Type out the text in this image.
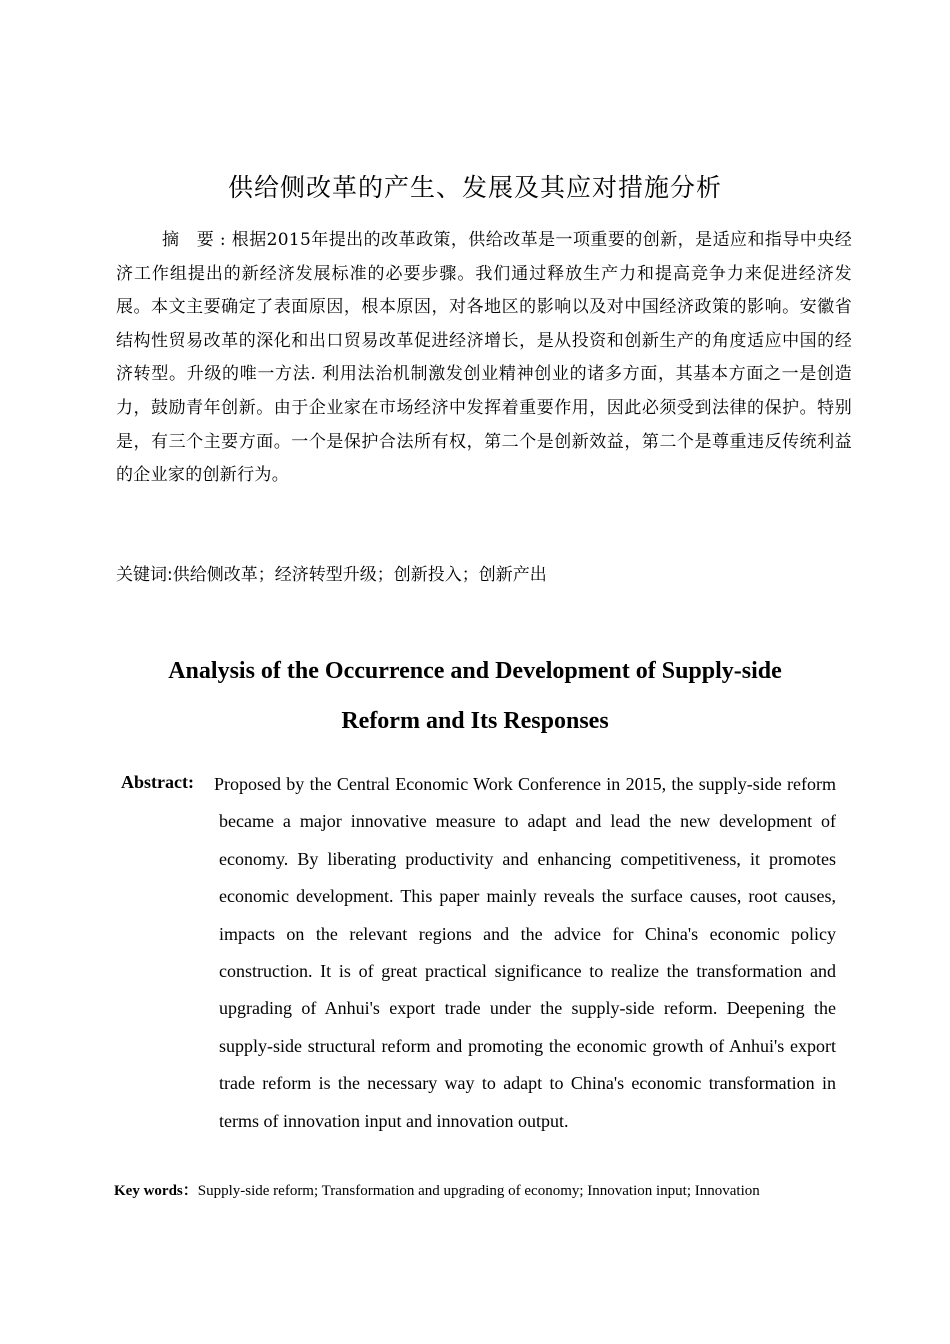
供给侧改革的产生、发展及其应对措施分析
摘 要: 根据2015年提出的改革政策，供给改革是一项重要的创新，是适应和指导中央经济工作组提出的新经济发展标准的必要步骤。我们通过释放生产力和提高竞争力来促进经济发展。本文主要确定了表面原因，根本原因，对各地区的影响以及对中国经济政策的影响。安徽省结构性贸易改革的深化和出口贸易改革促进经济增长，是从投资和创新生产的角度适应中国的经济转型。升级的唯一方法. 利用法治机制激发创业精神创业的诸多方面，其基本方面之一是创造力，鼓励青年创新。由于企业家在市场经济中发挥着重要作用，因此必须受到法律的保护。特别是，有三个主要方面。一个是保护合法所有权，第二个是创新效益，第二个是尊重违反传统利益的企业家的创新行为。
关键词:供给侧改革；经济转型升级；创新投入；创新产出
Analysis of the Occurrence and Development of Supply-side
Reform and Its Responses
Abstract: Proposed by the Central Economic Work Conference in 2015, the supply-side reform became a major innovative measure to adapt and lead the new development of economy. By liberating productivity and enhancing competitiveness, it promotes economic development. This paper mainly reveals the surface causes, root causes, impacts on the relevant regions and the advice for China's economic policy construction. It is of great practical significance to realize the transformation and upgrading of Anhui's export trade under the supply-side reform. Deepening the supply-side structural reform and promoting the economic growth of Anhui's export trade reform is the necessary way to adapt to China's economic transformation in terms of innovation input and innovation output.
Key words：Supply-side reform; Transformation and upgrading of economy; Innovation input; Innovation
